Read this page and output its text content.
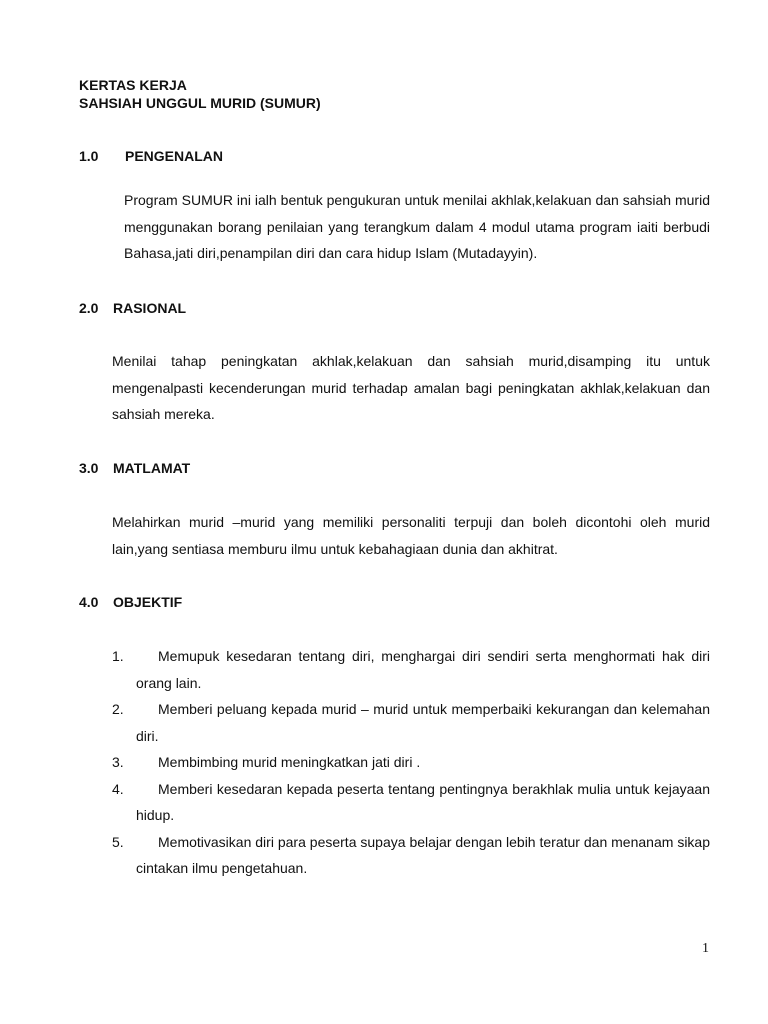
KERTAS KERJA
SAHSIAH UNGGUL MURID (SUMUR)
1.0 PENGENALAN
Program SUMUR ini ialh bentuk pengukuran untuk menilai akhlak,kelakuan dan sahsiah murid menggunakan borang penilaian yang terangkum dalam 4 modul utama program iaiti berbudi Bahasa,jati diri,penampilan diri dan cara hidup Islam (Mutadayyin).
2.0 RASIONAL
Menilai tahap peningkatan akhlak,kelakuan dan sahsiah murid,disamping itu untuk mengenalpasti kecenderungan murid terhadap amalan bagi peningkatan akhlak,kelakuan dan sahsiah mereka.
3.0 MATLAMAT
Melahirkan murid –murid yang memiliki personaliti terpuji dan boleh dicontohi oleh murid lain,yang sentiasa memburu ilmu untuk kebahagiaan dunia dan akhitrat.
4.0 OBJEKTIF
1.	Memupuk kesedaran tentang diri, menghargai diri sendiri serta menghormati hak diri orang lain.
2.	Memberi peluang kepada murid – murid untuk memperbaiki kekurangan dan kelemahan diri.
3.	Membimbing murid meningkatkan jati diri .
4.	Memberi kesedaran kepada peserta tentang pentingnya berakhlak mulia untuk kejayaan hidup.
5.	Memotivasikan diri para peserta supaya belajar dengan lebih teratur dan menanam sikap cintakan ilmu pengetahuan.
1
